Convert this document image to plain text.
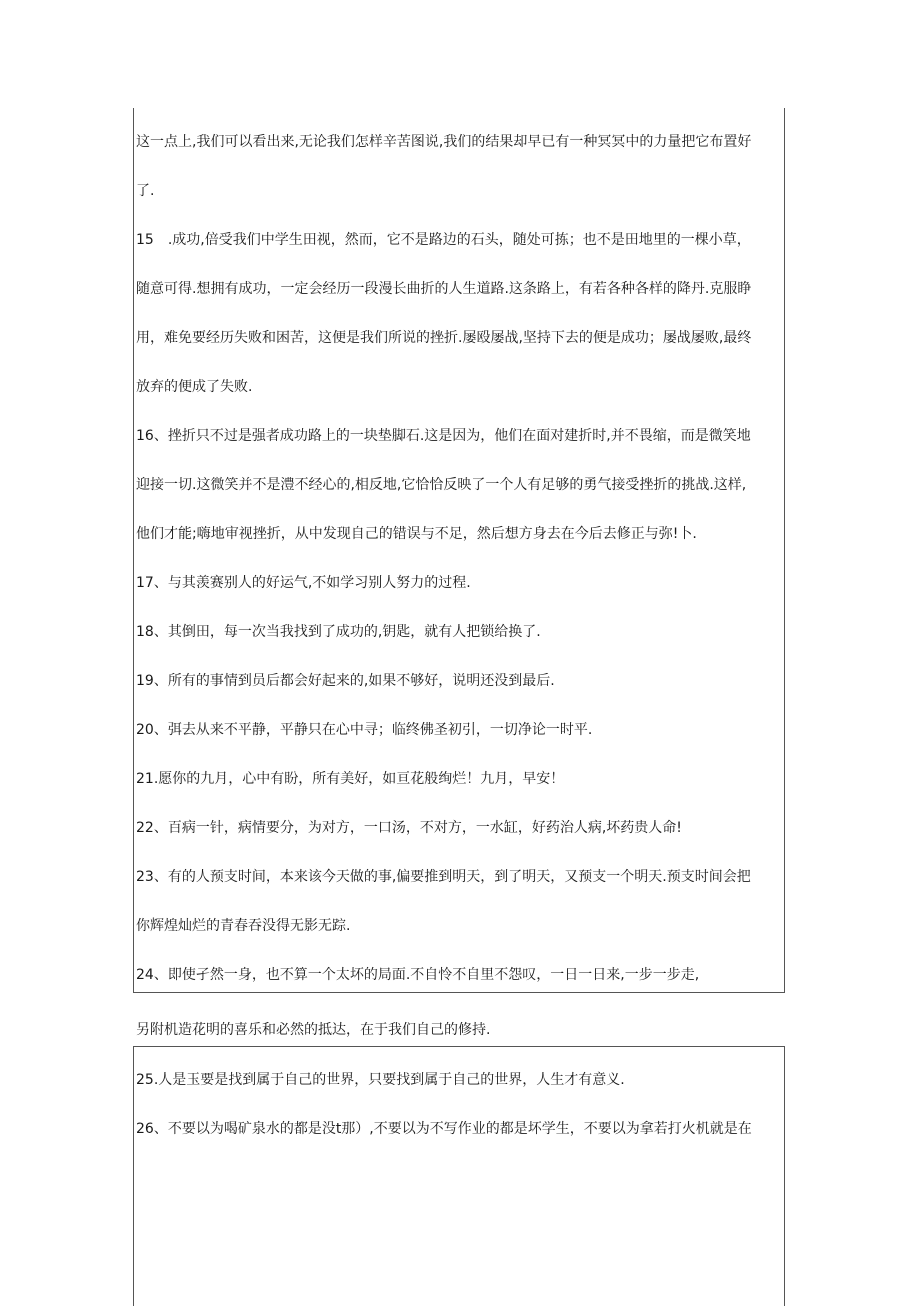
这一点上,我们可以看出来,无论我们怎样辛苦图说,我们的结果却早已有一种冥冥中的力量把它布置好
了.
15　.成功,倍受我们中学生田视，然而，它不是路边的石头，随处可拣；也不是田地里的一棵小草，
随意可得.想拥有成功，一定会经历一段漫长曲折的人生道路.这条路上，有若各种各样的降丹.克服睁
用，难免要经历失败和困苦，这便是我们所说的挫折.屡殴屡战,坚持下去的便是成功；屡战屡败,最终
放弃的便成了失败.
16、挫折只不过是强者成功路上的一块垫脚石.这是因为，他们在面对建折时,并不畏缩，而是微笑地
迎接一切.这微笑并不是澧不经心的,相反地,它恰恰反映了一个人有足够的勇气接受挫折的挑战.这样,
他们才能;嗨地审视挫折，从中发现自己的错误与不足，然后想方身去在今后去修正与弥!卜.
17、与其羡赛别人的好运气,不如学习别人努力的过程.
18、其倒田，每一次当我找到了成功的,钥匙，就有人把锁给换了.
19、所有的事情到员后都会好起来的,如果不够好，说明还没到最后.
20、弭去从来不平静，平静只在心中寻；临终佛圣初引，一切净论一时平.
21.愿你的九月，心中有盼，所有美好，如亘花般绚烂！九月，早安！
22、百病一针，病情要分，为对方，一口汤，不对方，一水缸，好药治人病,坏药贵人命!
23、有的人预支时间，本来该今天做的事,偏要推到明天，到了明天，又预支一个明天.预支时间会把
你辉煌灿烂的青春吞没得无影无踪.
24、即使孑然一身，也不算一个太坏的局面.不自怜不自里不怨叹，一日一日来,一步一步走,
另附机造花明的喜乐和必然的抵达，在于我们自己的修持.
25.人是玉要是找到属于自己的世界，只要找到属于自己的世界，人生才有意义.
26、不要以为喝矿泉水的都是没t那）,不要以为不写作业的都是坏学生，不要以为拿若打火机就是在
